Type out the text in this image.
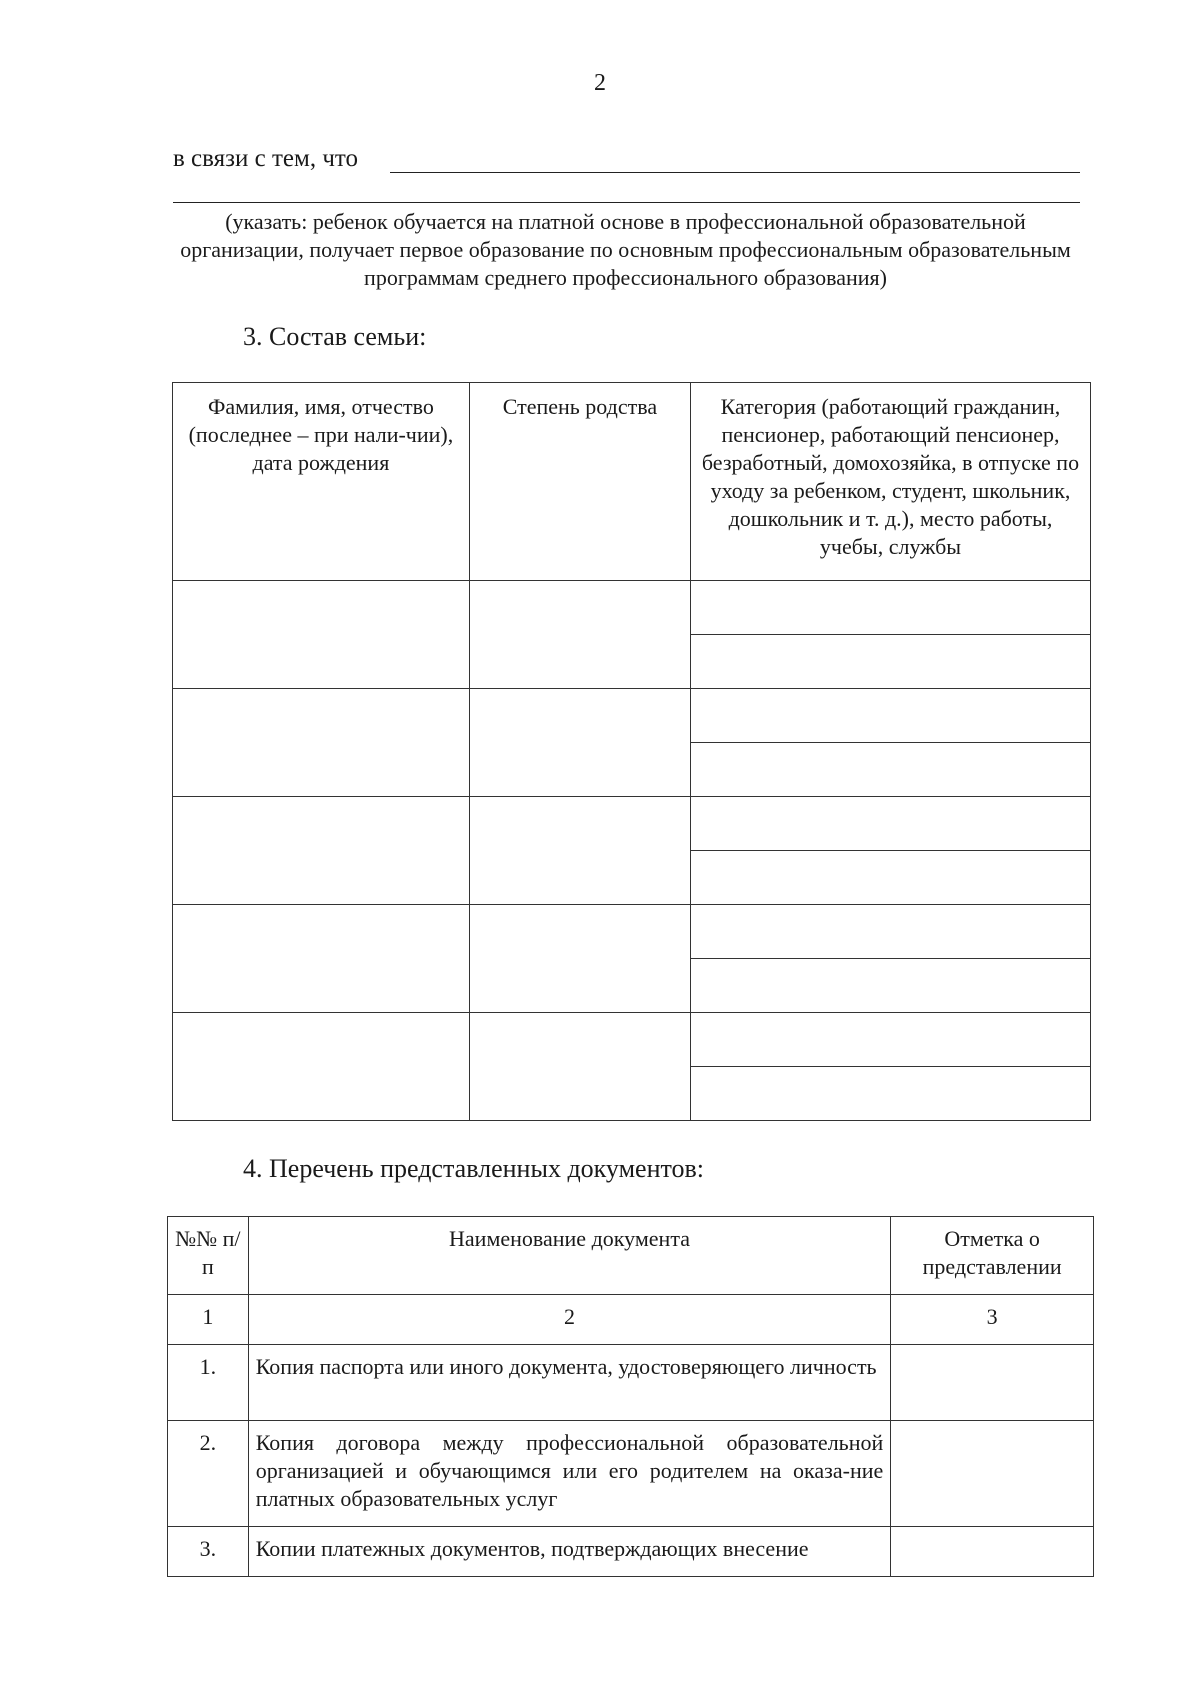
2
в связи с тем, что
(указать: ребенок обучается на платной основе в профессиональной образовательной организации, получает первое образование по основным профессиональным образовательным программам среднего профессионального образования)
3. Состав семьи:
Фамилия, имя, отчество (последнее – при нали-чии), дата рождения	Степень родства	Категория (работающий гражданин, пенсионер, работающий пенсионер, безработный, домохозяйка, в отпуске по уходу за ребенком, студент, школьник, дошкольник и т. д.), место работы, учебы, службы

4. Перечень представленных документов:
№№ п/п	Наименование документа	Отметка о представлении
1	2	3
1.	Копия паспорта или иного документа, удостоверяющего личность	
2.	Копия договора между профессиональной образовательной организацией и обучающимся или его родителем на оказа-ние платных образовательных услуг	
3.	Копии платежных документов, подтверждающих внесение	
